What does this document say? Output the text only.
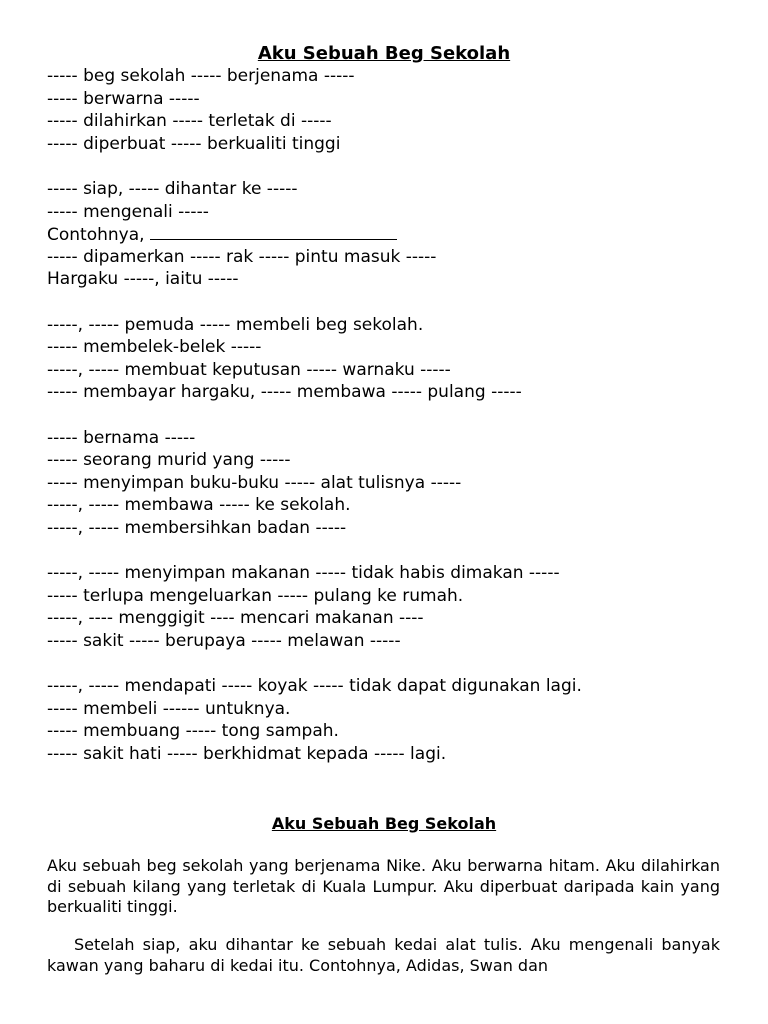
Aku Sebuah Beg Sekolah
----- beg sekolah ----- berjenama -----
----- berwarna -----
----- dilahirkan ----- terletak di -----
----- diperbuat ----- berkualiti tinggi
----- siap, ----- dihantar ke -----
----- mengenali -----
Contohnya,
----- dipamerkan ----- rak ----- pintu masuk -----
Hargaku -----, iaitu -----
-----, ----- pemuda ----- membeli beg sekolah.
----- membelek-belek -----
-----, ----- membuat keputusan ----- warnaku -----
----- membayar hargaku, ----- membawa ----- pulang -----
----- bernama -----
----- seorang murid yang -----
----- menyimpan buku-buku ----- alat tulisnya -----
-----, ----- membawa ----- ke sekolah.
-----, ----- membersihkan badan -----
-----, ----- menyimpan makanan ----- tidak habis dimakan -----
----- terlupa mengeluarkan ----- pulang ke rumah.
-----, ---- menggigit ---- mencari makanan ----
----- sakit ----- berupaya ----- melawan -----
-----, ----- mendapati ----- koyak ----- tidak dapat digunakan lagi.
----- membeli ------ untuknya.
----- membuang ----- tong sampah.
----- sakit hati ----- berkhidmat kepada ----- lagi.
Aku Sebuah Beg Sekolah

Aku sebuah beg sekolah yang berjenama Nike. Aku berwarna hitam. Aku dilahirkan di sebuah kilang yang terletak di Kuala Lumpur. Aku diperbuat daripada kain yang berkualiti tinggi.

Setelah siap, aku dihantar ke sebuah kedai alat tulis. Aku mengenali banyak kawan yang baharu di kedai itu. Contohnya, Adidas, Swan dan
